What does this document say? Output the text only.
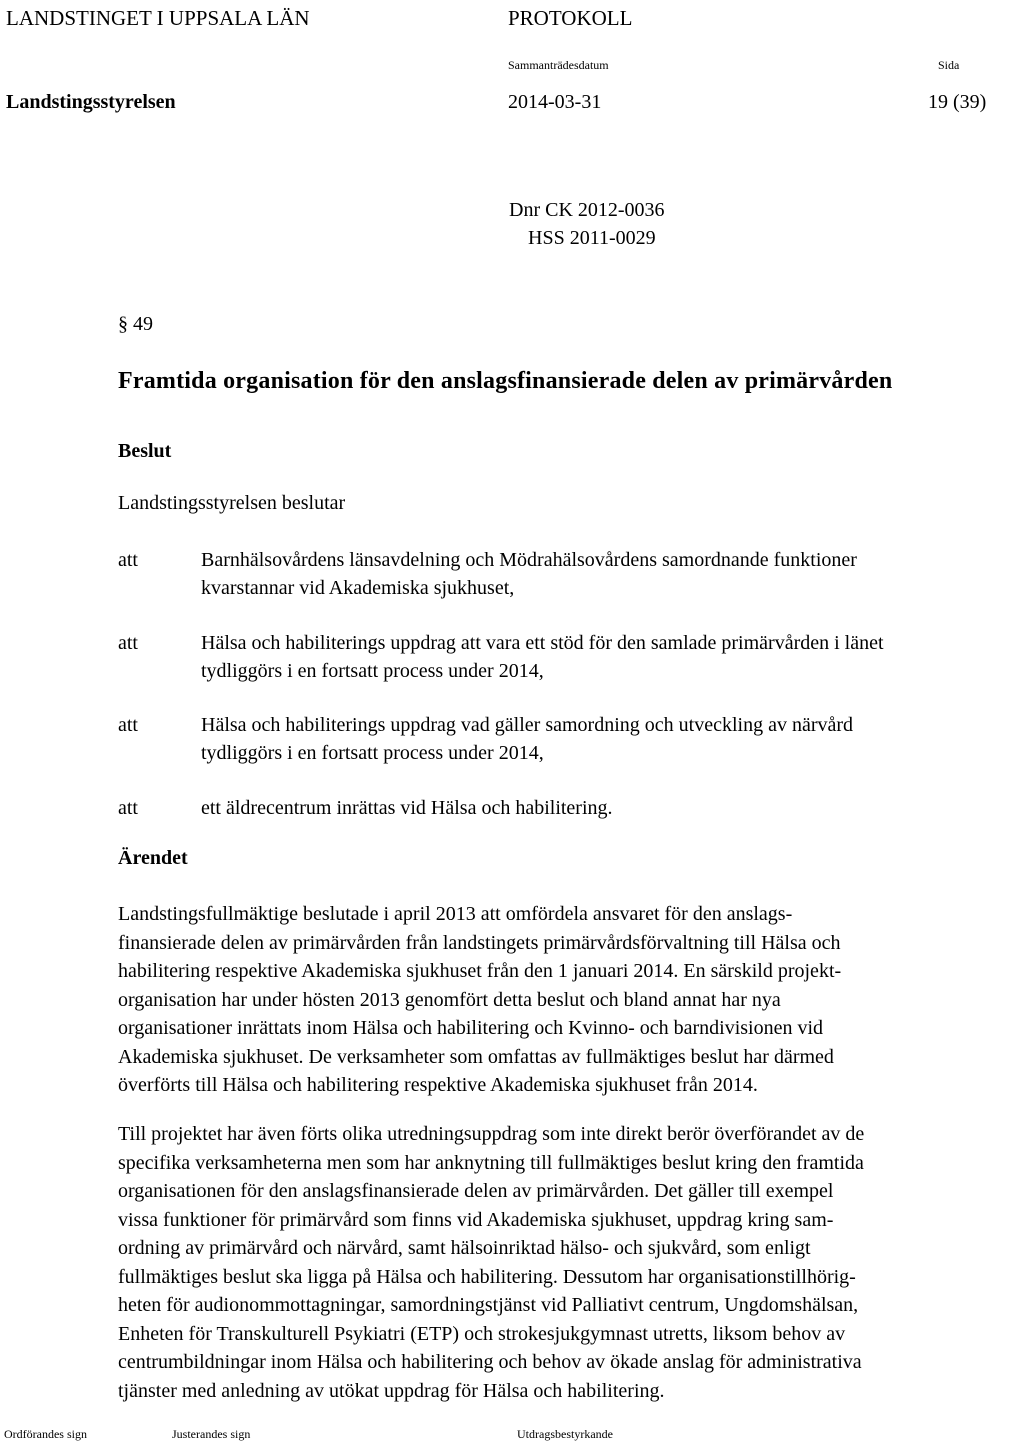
LANDSTINGET I UPPSALA LÄN	PROTOKOLL
Sammanträdesdatum	Sida
Landstingsstyrelsen	2014-03-31	19 (39)
Dnr CK 2012-0036
HSS 2011-0029
§ 49
Framtida organisation för den anslagsfinansierade delen av primärvården
Beslut
Landstingsstyrelsen beslutar
att	Barnhälsovårdens länsavdelning och Mödrahälsovårdens samordnande funktioner
kvarstannar vid Akademiska sjukhuset,
att	Hälsa och habiliterings uppdrag att vara ett stöd för den samlade primärvården i länet
tydliggörs i en fortsatt process under 2014,
att	Hälsa och habiliterings uppdrag vad gäller samordning och utveckling av närvård
tydliggörs i en fortsatt process under 2014,
att	ett äldrecentrum inrättas vid Hälsa och habilitering.
Ärendet
Landstingsfullmäktige beslutade i april 2013 att omfördela ansvaret för den anslags-
finansierade delen av primärvården från landstingets primärvårdsförvaltning till Hälsa och
habilitering respektive Akademiska sjukhuset från den 1 januari 2014. En särskild projekt-
organisation har under hösten 2013 genomfört detta beslut och bland annat har nya
organisationer inrättats inom Hälsa och habilitering och Kvinno- och barndivisionen vid
Akademiska sjukhuset. De verksamheter som omfattas av fullmäktiges beslut har därmed
överförts till Hälsa och habilitering respektive Akademiska sjukhuset från 2014.
Till projektet har även förts olika utredningsuppdrag som inte direkt berör överförandet av de
specifika verksamheterna men som har anknytning till fullmäktiges beslut kring den framtida
organisationen för den anslagsfinansierade delen av primärvården. Det gäller till exempel
vissa funktioner för primärvård som finns vid Akademiska sjukhuset, uppdrag kring sam-
ordning av primärvård och närvård, samt hälsoinriktad hälso- och sjukvård, som enligt
fullmäktiges beslut ska ligga på Hälsa och habilitering. Dessutom har organisationstillhörig-
heten för audionommottagningar, samordningstjänst vid Palliativt centrum, Ungdomshälsan,
Enheten för Transkulturell Psykiatri (ETP) och strokesjukgymnast utretts, liksom behov av
centrumbildningar inom Hälsa och habilitering och behov av ökade anslag för administrativa
tjänster med anledning av utökat uppdrag för Hälsa och habilitering.
Ordförandes sign	Justerandes sign	Utdragsbestyrkande
